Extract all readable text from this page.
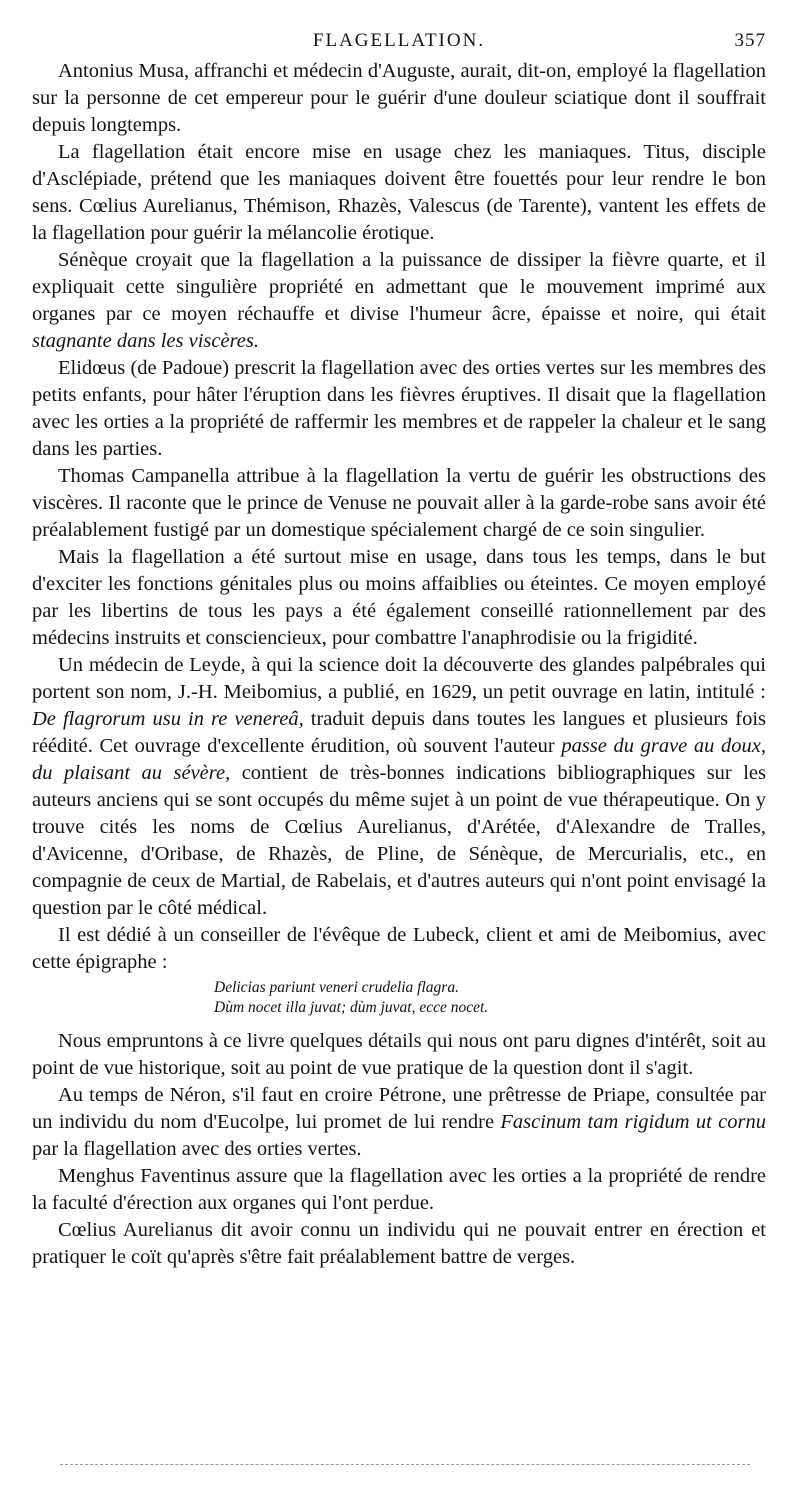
FLAGELLATION.	357

Antonius Musa, affranchi et médecin d'Auguste, aurait, dit-on, employé la flagellation sur la personne de cet empereur pour le guérir d'une douleur sciatique dont il souffrait depuis longtemps.

La flagellation était encore mise en usage chez les maniaques. Titus, disciple d'Asclépiade, prétend que les maniaques doivent être fouettés pour leur rendre le bon sens. Cœlius Aurelianus, Thémison, Rhazès, Valescus (de Tarente), vantent les effets de la flagellation pour guérir la mélancolie érotique.

Sénèque croyait que la flagellation a la puissance de dissiper la fièvre quarte, et il expliquait cette singulière propriété en admettant que le mouvement imprimé aux organes par ce moyen réchauffe et divise l'humeur âcre, épaisse et noire, qui était stagnante dans les viscères.

Elidœus (de Padoue) prescrit la flagellation avec des orties vertes sur les membres des petits enfants, pour hâter l'éruption dans les fièvres éruptives. Il disait que la flagellation avec les orties a la propriété de raffermir les membres et de rappeler la chaleur et le sang dans les parties.

Thomas Campanella attribue à la flagellation la vertu de guérir les obstructions des viscères. Il raconte que le prince de Venuse ne pouvait aller à la garde-robe sans avoir été préalablement fustigé par un domestique spécialement chargé de ce soin singulier.

Mais la flagellation a été surtout mise en usage, dans tous les temps, dans le but d'exciter les fonctions génitales plus ou moins affaiblies ou éteintes. Ce moyen employé par les libertins de tous les pays a été également conseillé rationnellement par des médecins instruits et consciencieux, pour combattre l'anaphrodisie ou la frigidité.

Un médecin de Leyde, à qui la science doit la découverte des glandes palpébrales qui portent son nom, J.-H. Meibomius, a publié, en 1629, un petit ouvrage en latin, intitulé : De flagrorum usu in re venereâ, traduit depuis dans toutes les langues et plusieurs fois réédité. Cet ouvrage d'excellente érudition, où souvent l'auteur passe du grave au doux, du plaisant au sévère, contient de très-bonnes indications bibliographiques sur les auteurs anciens qui se sont occupés du même sujet à un point de vue thérapeutique. On y trouve cités les noms de Cœlius Aurelianus, d'Arétée, d'Alexandre de Tralles, d'Avicenne, d'Oribase, de Rhazès, de Pline, de Sénèque, de Mercurialis, etc., en compagnie de ceux de Martial, de Rabelais, et d'autres auteurs qui n'ont point envisagé la question par le côté médical.

Il est dédié à un conseiller de l'évêque de Lubeck, client et ami de Meibomius, avec cette épigraphe :

Delicias pariunt veneri crudelia flagra.
Dùm nocet illa juvat; dùm juvat, ecce nocet.

Nous empruntons à ce livre quelques détails qui nous ont paru dignes d'intérêt, soit au point de vue historique, soit au point de vue pratique de la question dont il s'agit.

Au temps de Néron, s'il faut en croire Pétrone, une prêtresse de Priape, consultée par un individu du nom d'Eucolpe, lui promet de lui rendre Fascinum tam rigidum ut cornu par la flagellation avec des orties vertes.

Menghus Faventinus assure que la flagellation avec les orties a la propriété de rendre la faculté d'érection aux organes qui l'ont perdue.

Cœlius Aurelianus dit avoir connu un individu qui ne pouvait entrer en érection et pratiquer le coït qu'après s'être fait préalablement battre de verges.
